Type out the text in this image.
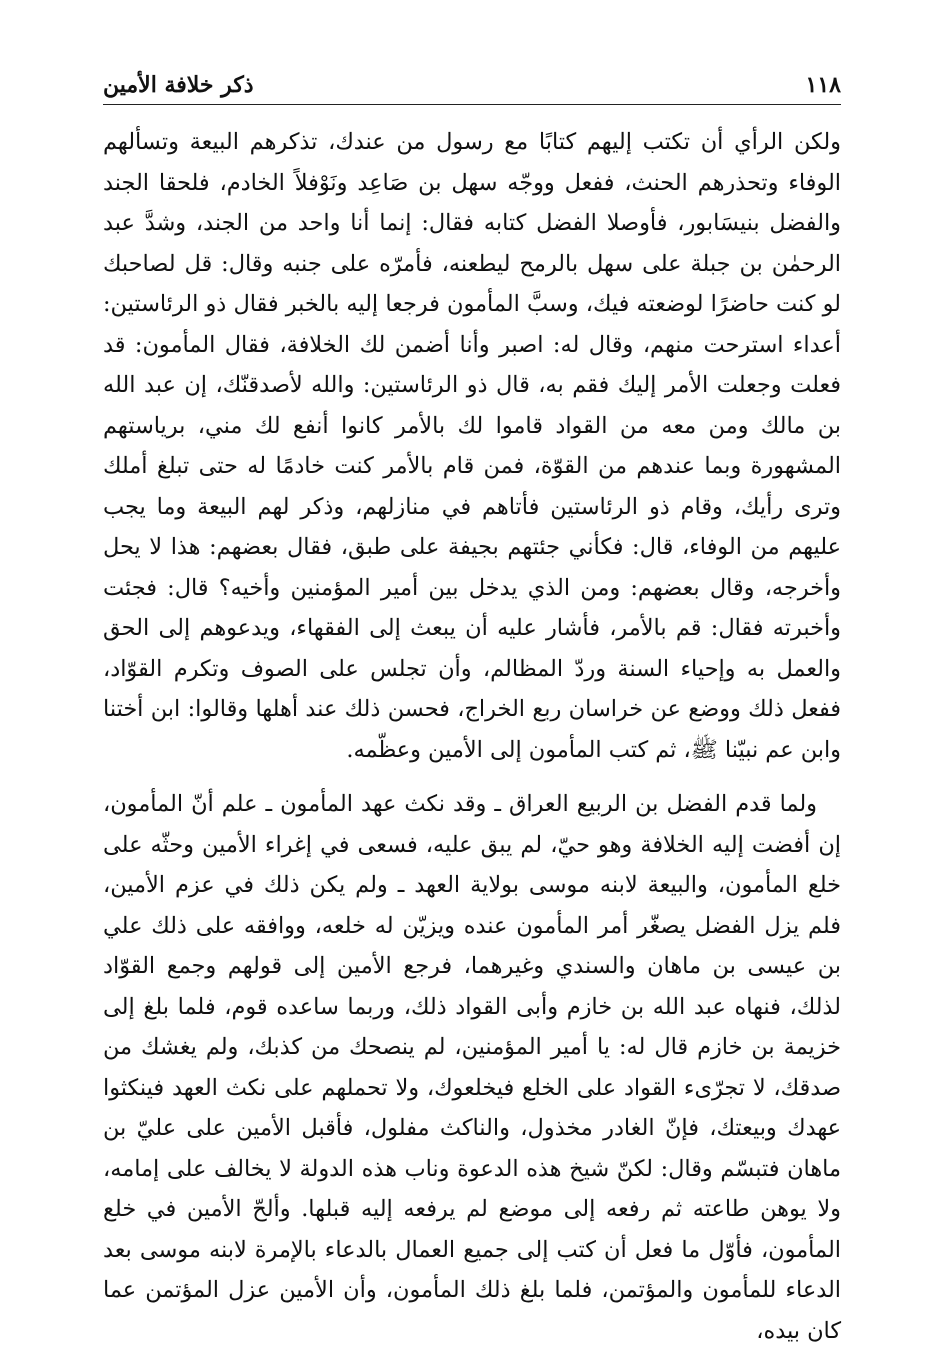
١١٨
ذكر خلافة الأمين

ولكن الرأي أن تكتب إليهم كتابًا مع رسول من عندك، تذكرهم البيعة وتسألهم الوفاء وتحذرهم الحنث، ففعل ووجّه سهل بن صَاعِد ونَوْفلاً الخادم، فلحقا الجند والفضل بنيسَابور، فأوصلا الفضل كتابه فقال: إنما أنا واحد من الجند، وشدَّ عبد الرحمٰن بن جبلة على سهل بالرمح ليطعنه، فأمرّه على جنبه وقال: قل لصاحبك لو كنت حاضرًا لوضعته فيك، وسبَّ المأمون فرجعا إليه بالخبر فقال ذو الرئاستين: أعداء استرحت منهم، وقال له: اصبر وأنا أضمن لك الخلافة، فقال المأمون: قد فعلت وجعلت الأمر إليك فقم به، قال ذو الرئاستين: والله لأصدقنّك، إن عبد الله بن مالك ومن معه من القواد قاموا لك بالأمر كانوا أنفع لك مني، برياستهم المشهورة وبما عندهم من القوّة، فمن قام بالأمر كنت خادمًا له حتى تبلغ أملك وترى رأيك، وقام ذو الرئاستين فأتاهم في منازلهم، وذكر لهم البيعة وما يجب عليهم من الوفاء، قال: فكأني جئتهم بجيفة على طبق، فقال بعضهم: هذا لا يحل وأخرجه، وقال بعضهم: ومن الذي يدخل بين أمير المؤمنين وأخيه؟ قال: فجئت وأخبرته فقال: قم بالأمر، فأشار عليه أن يبعث إلى الفقهاء، ويدعوهم إلى الحق والعمل به وإحياء السنة وردّ المظالم، وأن تجلس على الصوف وتكرم القوّاد، ففعل ذلك ووضع عن خراسان ربع الخراج، فحسن ذلك عند أهلها وقالوا: ابن أختنا وابن عم نبيّنا ﷺ، ثم كتب المأمون إلى الأمين وعظّمه.

ولما قدم الفضل بن الربيع العراق ـ وقد نكث عهد المأمون ـ علم أنّ المأمون، إن أفضت إليه الخلافة وهو حيّ، لم يبق عليه، فسعى في إغراء الأمين وحثّه على خلع المأمون، والبيعة لابنه موسى بولاية العهد ـ ولم يكن ذلك في عزم الأمين، فلم يزل الفضل يصغّر أمر المأمون عنده ويزيّن له خلعه، ووافقه على ذلك علي بن عيسى بن ماهان والسندي وغيرهما، فرجع الأمين إلى قولهم وجمع القوّاد لذلك، فنهاه عبد الله بن خازم وأبى القواد ذلك، وربما ساعده قوم، فلما بلغ إلى خزيمة بن خازم قال له: يا أمير المؤمنين، لم ينصحك من كذبك، ولم يغشك من صدقك، لا تجرّىء القواد على الخلع فيخلعوك، ولا تحملهم على نكث العهد فينكثوا عهدك وبيعتك، فإنّ الغادر مخذول، والناكث مفلول، فأقبل الأمين على عليّ بن ماهان فتبسّم وقال: لكنّ شيخ هذه الدعوة وناب هذه الدولة لا يخالف على إمامه، ولا يوهن طاعته ثم رفعه إلى موضع لم يرفعه إليه قبلها. وألحّ الأمين في خلع المأمون، فأوّل ما فعل أن كتب إلى جميع العمال بالدعاء بالإمرة لابنه موسى بعد الدعاء للمأمون والمؤتمن، فلما بلغ ذلك المأمون، وأن الأمين عزل المؤتمن عما كان بيده،
